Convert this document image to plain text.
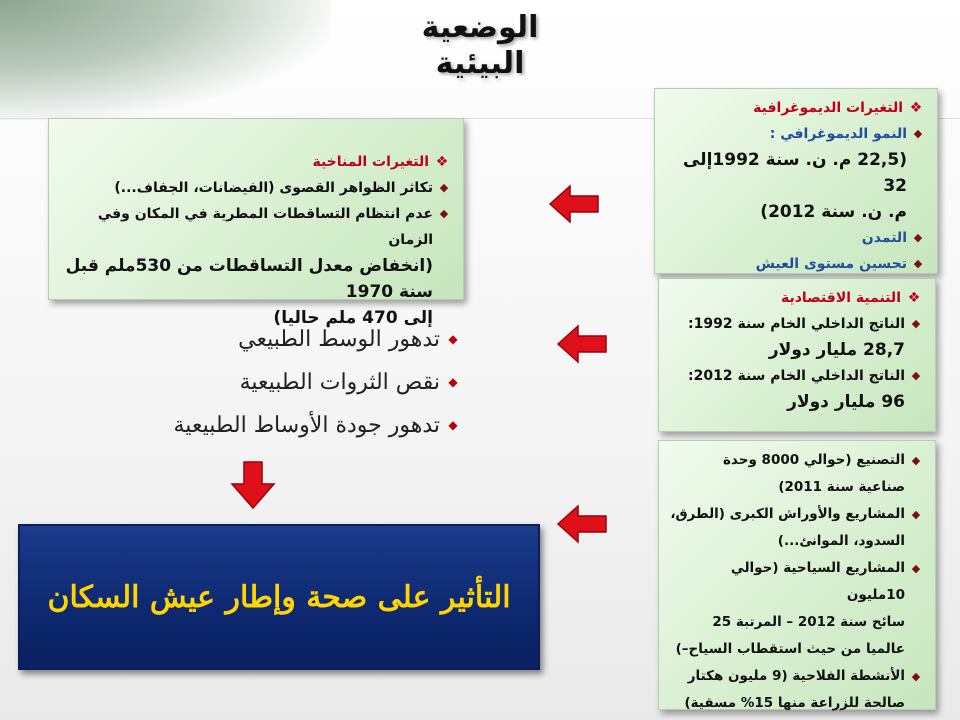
الوضعية
البيئية
❖
التغيرات المناخية
◆
تكاثر الظواهر القصوى (الفيضانات، الجفاف...)
◆
عدم انتظام التساقطات المطرية في المكان وفي الزمان
(انخفاض معدل التساقطات من 530ملم قبل سنة 1970
إلى 470 ملم حاليا)
❖
التغيرات الديموغرافية
◆
النمو الديموغرافي :
(22,5 م. ن. سنة 1992إلى 32
م. ن. سنة 2012)
◆
التمدن
◆
تحسين مستوى العيش
❖
التنمية الاقتصادية
◆
الناتج الداخلي الخام سنة 1992:
28,7 مليار دولار
◆
الناتج الداخلي الخام سنة 2012:
96 مليار دولار
◆
التصنيع (حوالي 8000 وحدة
صناعية سنة 2011)
◆
المشاريع والأوراش الكبرى (الطرق،
السدود، الموانئ...)
◆
المشاريع السياحية (حوالي 10مليون
سائح سنة 2012 – المرتبة 25
عالميا من حيث استقطاب السياح–)
◆
الأنشطة الفلاحية (9 مليون هكتار
صالحة للزراعة منها 15% مسقية)
◆
تدهور الوسط الطبيعي
◆
نقص الثروات الطبيعية
◆
تدهور جودة الأوساط الطبيعية
التأثير على صحة وإطار عيش السكان
